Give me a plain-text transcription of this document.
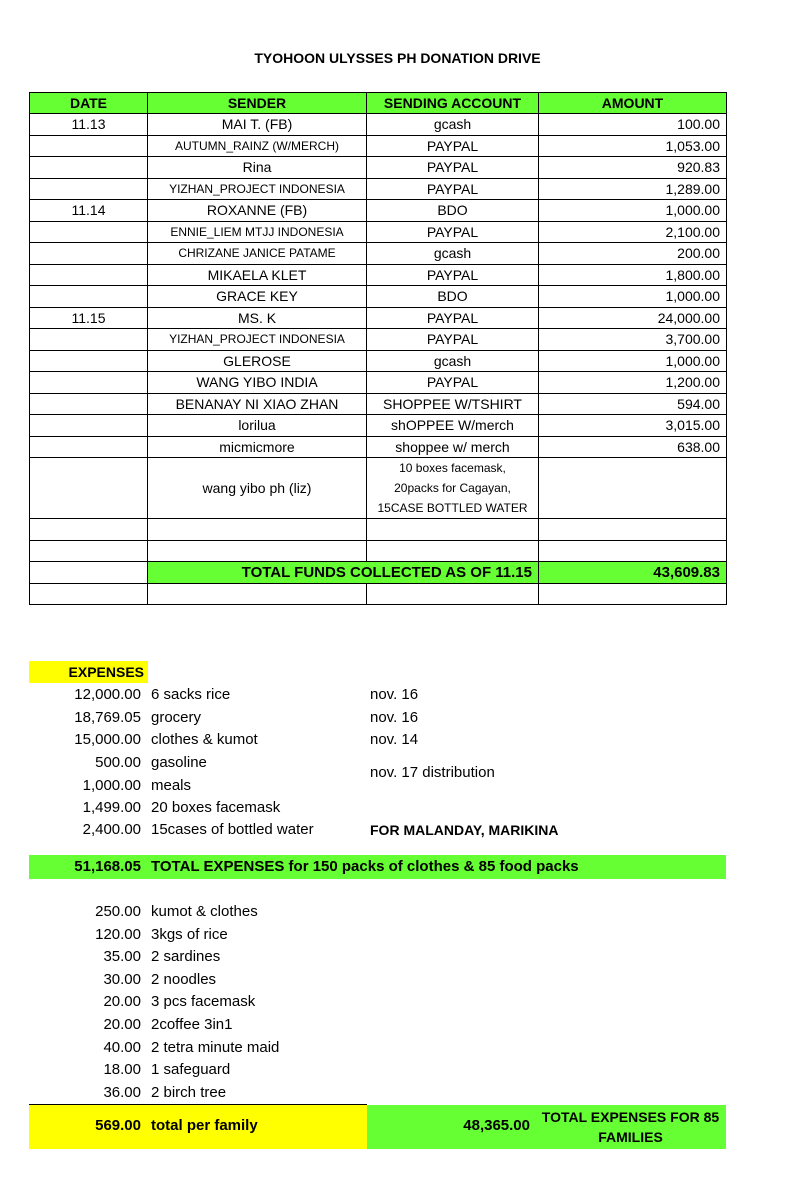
TYOHOON ULYSSES PH DONATION DRIVE
DATE	SENDER	SENDING ACCOUNT	AMOUNT
11.13	MAI T. (FB)	gcash	100.00
	AUTUMN_RAINZ (W/MERCH)	PAYPAL	1,053.00
	Rina	PAYPAL	920.83
	YIZHAN_PROJECT INDONESIA	PAYPAL	1,289.00
11.14	ROXANNE (FB)	BDO	1,000.00
	ENNIE_LIEM MTJJ INDONESIA	PAYPAL	2,100.00
	CHRIZANE JANICE PATAME	gcash	200.00
	MIKAELA KLET	PAYPAL	1,800.00
	GRACE KEY	BDO	1,000.00
11.15	MS. K	PAYPAL	24,000.00
	YIZHAN_PROJECT INDONESIA	PAYPAL	3,700.00
	GLEROSE	gcash	1,000.00
	WANG YIBO INDIA	PAYPAL	1,200.00
	BENANAY NI XIAO ZHAN	SHOPPEE W/TSHIRT	594.00
	lorilua	shOPPEE W/merch	3,015.00
	micmicmore	shoppee w/ merch	638.00
	wang yibo ph (liz)	10 boxes facemask,
20packs for Cagayan,
15CASE BOTTLED WATER	

	TOTAL FUNDS COLLECTED AS OF 11.15		43,609.83

EXPENSES
12,000.00 6 sacks rice	nov. 16
18,769.05 grocery	nov. 16
15,000.00 clothes & kumot	nov. 14
500.00 gasoline
1,000.00 meals
1,499.00 20 boxes facemask
2,400.00 15cases of bottled water
nov. 17 distribution
FOR MALANDAY, MARIKINA
51,168.05 TOTAL EXPENSES for 150 packs of clothes & 85 food packs
250.00 kumot & clothes
120.00 3kgs of rice
35.00 2 sardines
30.00 2 noodles
20.00 3 pcs facemask
20.00 2coffee 3in1
40.00 2 tetra minute maid
18.00 1 safeguard
36.00 2 birch tree
569.00 total per family	48,365.00 TOTAL EXPENSES FOR 85
FAMILIES
